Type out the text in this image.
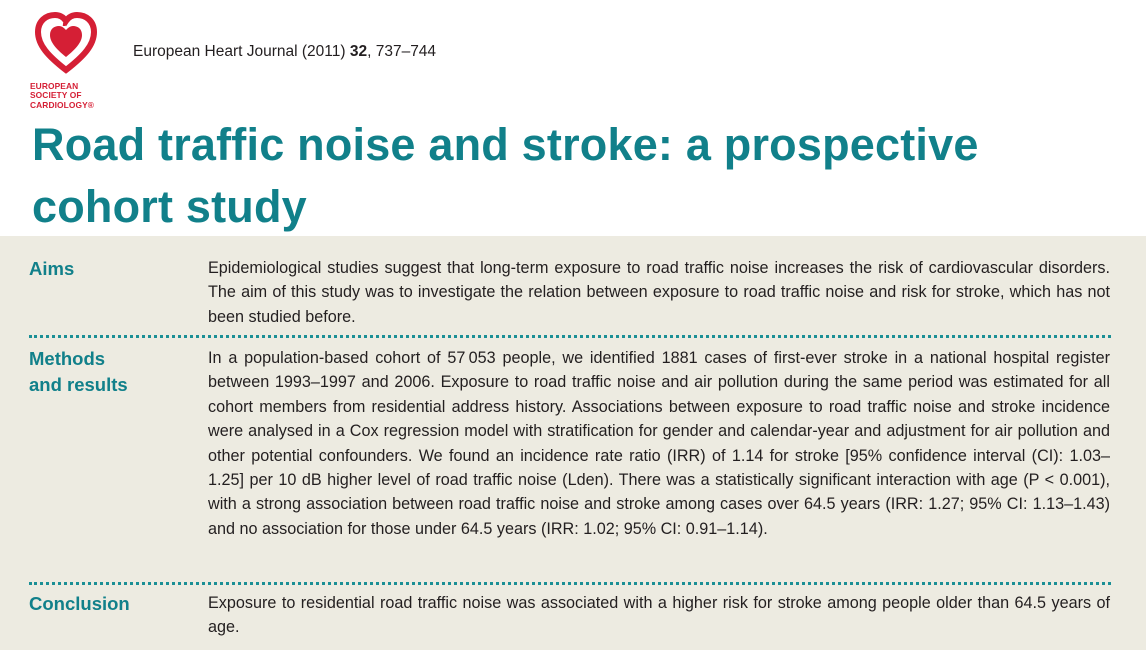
EUROPEAN
SOCIETY OF
CARDIOLOGY®
European Heart Journal (2011) 32, 737–744
Road traffic noise and stroke: a prospective cohort study
Aims	Epidemiological studies suggest that long-term exposure to road traffic noise increases the risk of cardiovascular disorders. The aim of this study was to investigate the relation between exposure to road traffic noise and risk for stroke, which has not been studied before.
Methods
and results
In a population-based cohort of 57 053 people, we identified 1881 cases of first-ever stroke in a national hospital register between 1993–1997 and 2006. Exposure to road traffic noise and air pollution during the same period was estimated for all cohort members from residential address history. Associations between exposure to road traffic noise and stroke incidence were analysed in a Cox regression model with stratification for gender and calendar-year and adjustment for air pollution and other potential confounders. We found an incidence rate ratio (IRR) of 1.14 for stroke [95% confidence interval (CI): 1.03–1.25] per 10 dB higher level of road traffic noise (Lden). There was a statistically significant interaction with age (P < 0.001), with a strong association between road traffic noise and stroke among cases over 64.5 years (IRR: 1.27; 95% CI: 1.13–1.43) and no association for those under 64.5 years (IRR: 1.02; 95% CI: 0.91–1.14).
Conclusion	Exposure to residential road traffic noise was associated with a higher risk for stroke among people older than 64.5 years of age.
